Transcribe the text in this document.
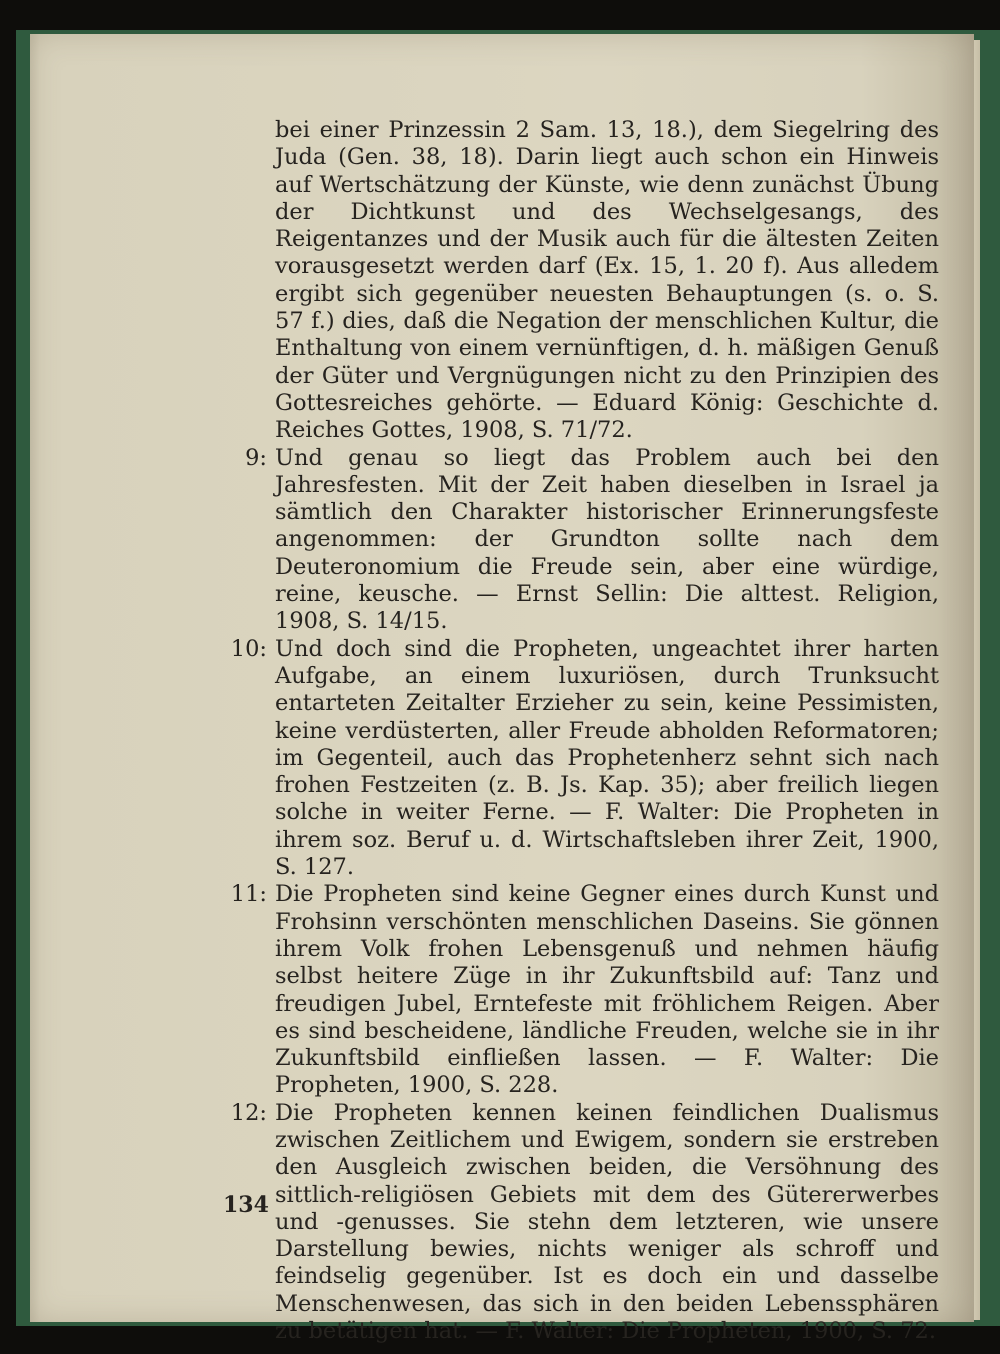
bei einer Prinzessin 2 Sam. 13, 18.), dem Siegelring des Juda (Gen. 38, 18). Darin liegt auch schon ein Hinweis auf Wertschätzung der Künste, wie denn zunächst Übung der Dichtkunst und des Wechselgesangs, des Reigentanzes und der Musik auch für die ältesten Zeiten vorausgesetzt werden darf (Ex. 15, 1. 20 f). Aus alledem ergibt sich gegenüber neuesten Behauptungen (s. o. S. 57 f.) dies, daß die Negation der menschlichen Kultur, die Enthaltung von einem vernünftigen, d. h. mäßigen Genuß der Güter und Vergnügungen nicht zu den Prinzipien des Gottesreiches gehörte. — Eduard König: Geschichte d. Reiches Gottes, 1908, S. 71/72.

9: Und genau so liegt das Problem auch bei den Jahresfesten. Mit der Zeit haben dieselben in Israel ja sämtlich den Charakter historischer Erinnerungsfeste angenommen: der Grundton sollte nach dem Deuteronomium die Freude sein, aber eine würdige, reine, keusche. — Ernst Sellin: Die alttest. Religion, 1908, S. 14/15.

10: Und doch sind die Propheten, ungeachtet ihrer harten Aufgabe, an einem luxuriösen, durch Trunksucht entarteten Zeitalter Erzieher zu sein, keine Pessimisten, keine verdüsterten, aller Freude abholden Reformatoren; im Gegenteil, auch das Prophetenherz sehnt sich nach frohen Festzeiten (z. B. Js. Kap. 35); aber freilich liegen solche in weiter Ferne. — F. Walter: Die Propheten in ihrem soz. Beruf u. d. Wirtschaftsleben ihrer Zeit, 1900, S. 127.

11: Die Propheten sind keine Gegner eines durch Kunst und Frohsinn verschönten menschlichen Daseins. Sie gönnen ihrem Volk frohen Lebensgenuß und nehmen häufig selbst heitere Züge in ihr Zukunftsbild auf: Tanz und freudigen Jubel, Erntefeste mit fröhlichem Reigen. Aber es sind bescheidene, ländliche Freuden, welche sie in ihr Zukunftsbild einfließen lassen. — F. Walter: Die Propheten, 1900, S. 228.

12: Die Propheten kennen keinen feindlichen Dualismus zwischen Zeitlichem und Ewigem, sondern sie erstreben den Ausgleich zwischen beiden, die Versöhnung des sittlich-religiösen Gebiets mit dem des Gütererwerbes und -genusses. Sie stehn dem letzteren, wie unsere Darstellung bewies, nichts weniger als schroff und feindselig gegenüber. Ist es doch ein und dasselbe Menschenwesen, das sich in den beiden Lebenssphären zu betätigen hat. — F. Walter: Die Propheten, 1900, S. 72.

134
